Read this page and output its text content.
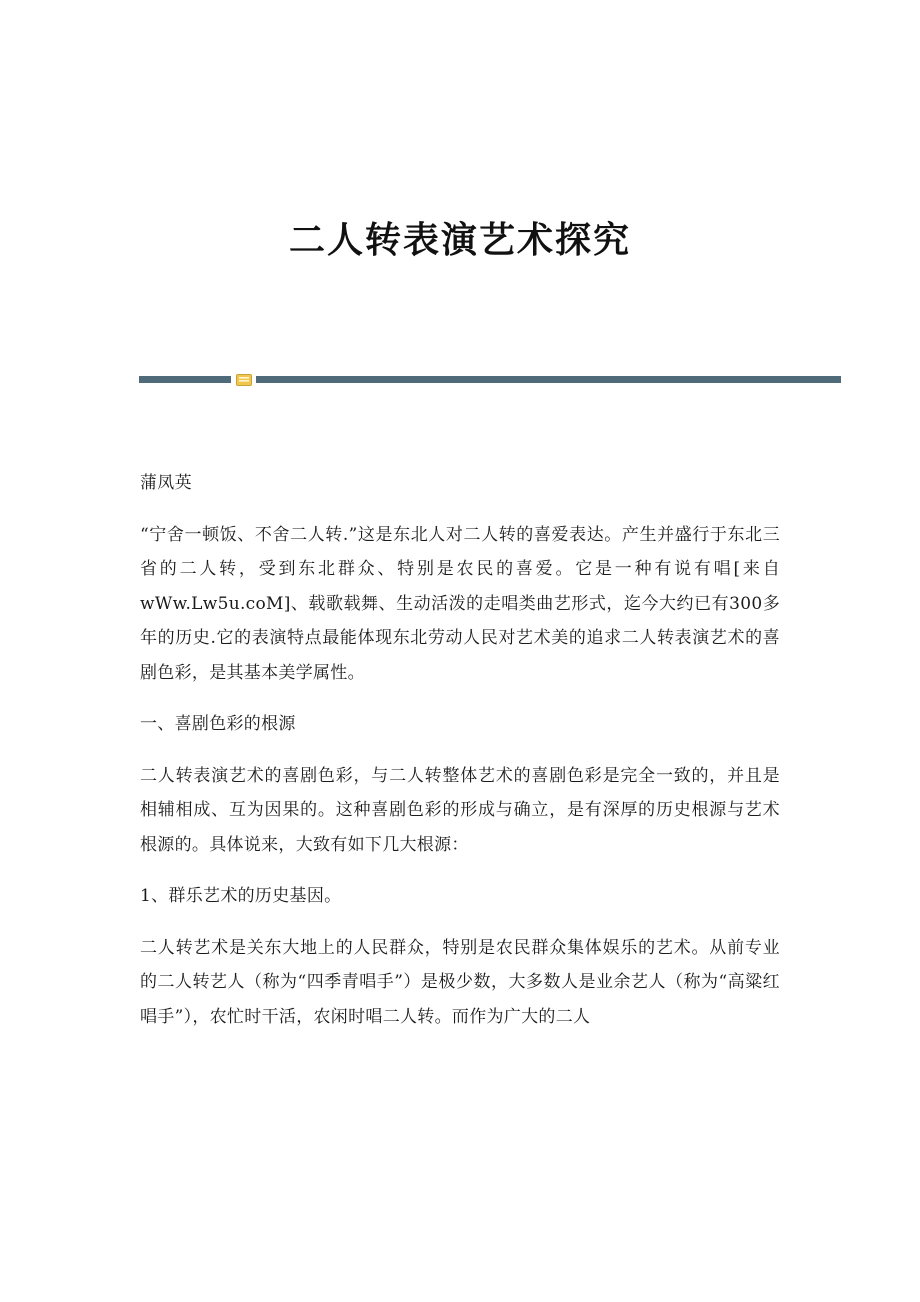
二人转表演艺术探究

蒲凤英

“宁舍一顿饭、不舍二人转.”这是东北人对二人转的喜爱表达。产生并盛行于东北三省的二人转，受到东北群众、特别是农民的喜爱。它是一种有说有唱[来自 wWw.Lw5u.coM]、载歌载舞、生动活泼的走唱类曲艺形式，迄今大约已有300多年的历史.它的表演特点最能体现东北劳动人民对艺术美的追求二人转表演艺术的喜剧色彩，是其基本美学属性。

一、喜剧色彩的根源

二人转表演艺术的喜剧色彩，与二人转整体艺术的喜剧色彩是完全一致的，并且是相辅相成、互为因果的。这种喜剧色彩的形成与确立，是有深厚的历史根源与艺术根源的。具体说来，大致有如下几大根源：

1、群乐艺术的历史基因。

二人转艺术是关东大地上的人民群众，特别是农民群众集体娱乐的艺术。从前专业的二人转艺人（称为“四季青唱手”）是极少数，大多数人是业余艺人（称为“高粱红唱手”），农忙时干活，农闲时唱二人转。而作为广大的二人
